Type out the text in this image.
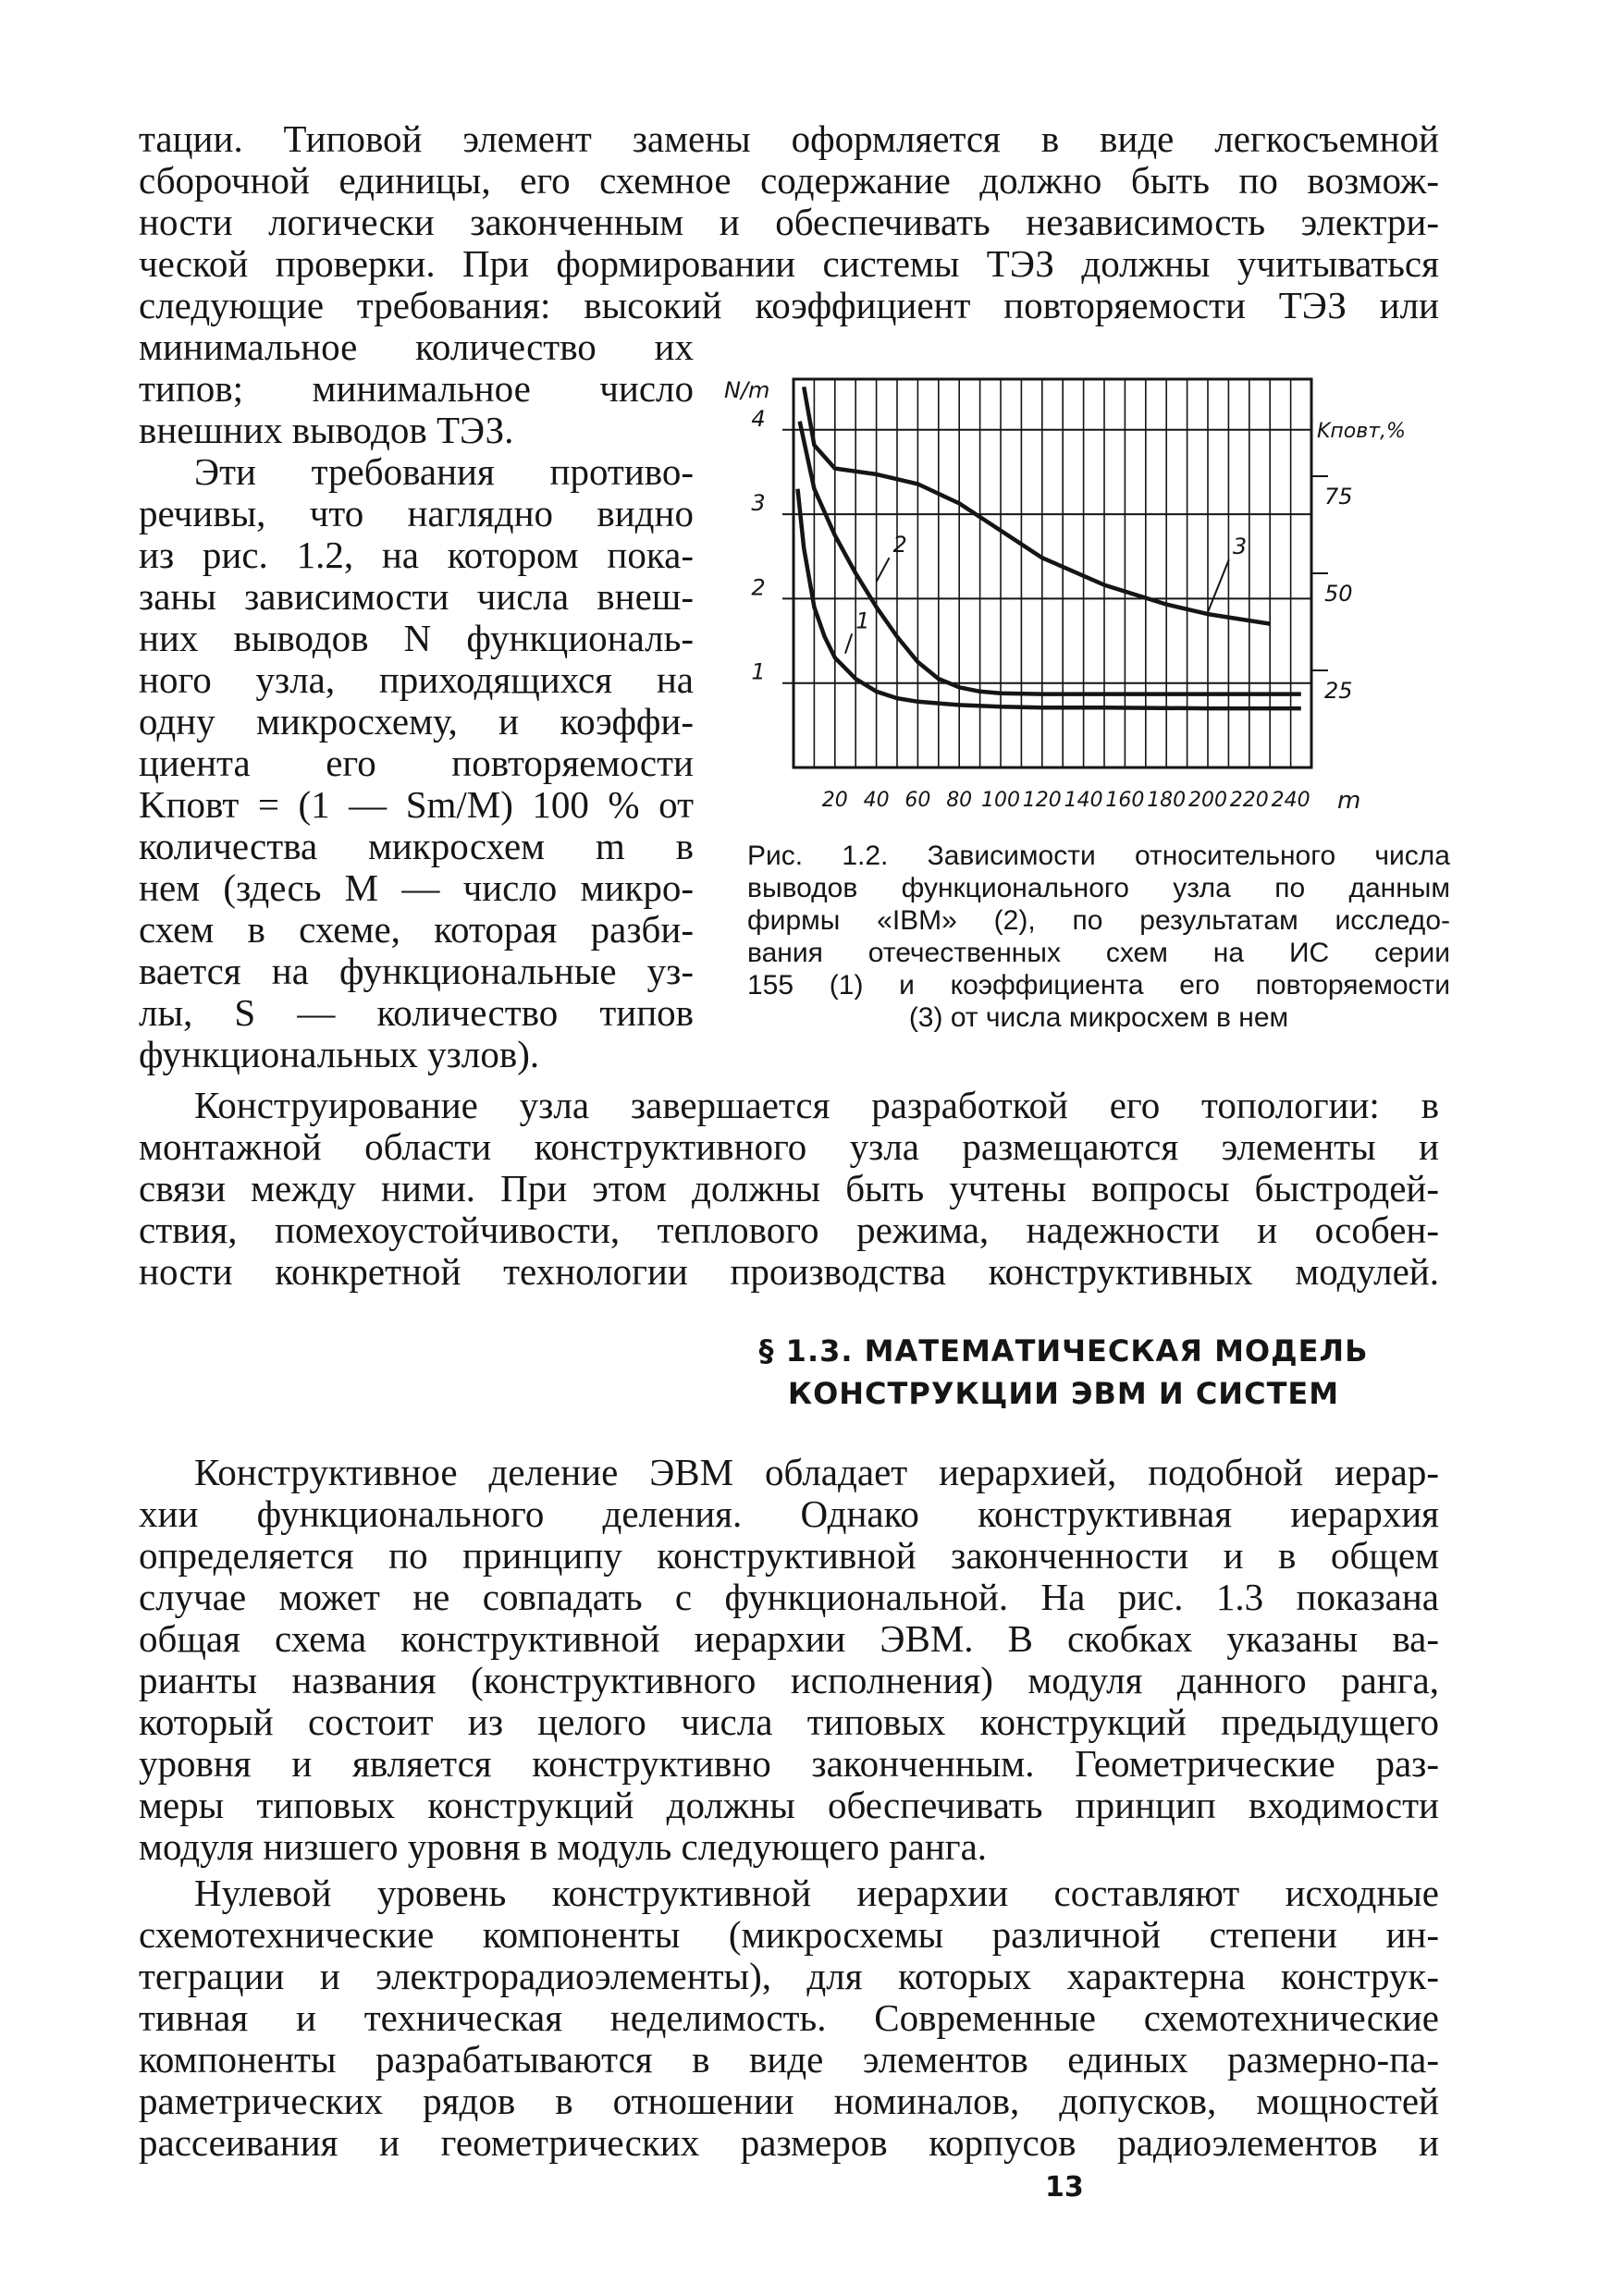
тации. Типовой элемент замены оформляется в виде легкосъемной
сборочной единицы, его схемное содержание должно быть по возмож-
ности логически законченным и обеспечивать независимость электри-
ческой проверки. При формировании системы ТЭЗ должны учитываться
следующие требования: высокий коэффициент повторяемости ТЭЗ или
минимальное количество их
типов; минимальное число
внешних выводов ТЭЗ.
Эти требования противо-
речивы, что наглядно видно
из рис. 1.2, на котором пока-
заны зависимости числа внеш-
них выводов N функциональ-
ного узла, приходящихся на
одну микросхему, и коэффи-
циента его повторяемости
Kповт = (1 — Sm/M) 100 % от
количества микросхем m в
нем (здесь M — число микро-
схем в схеме, которая разби-
вается на функциональные уз-
лы, S — количество типов
функциональных узлов).
1
2
3
4
25
50
75
20 40 60 80 100 120 140 160 180 200 220 240
N/m
Kповт,%
m
1
2	3
Рис. 1.2. Зависимости относительного числа
выводов функционального узла по данным
фирмы «IBM» (2), по результатам исследо-
вания отечественных схем на ИС серии
155 (1) и коэффициента его повторяемости
(3) от числа микросхем в нем
Конструирование узла завершается разработкой его топологии: в
монтажной области конструктивного узла размещаются элементы и
связи между ними. При этом должны быть учтены вопросы быстродей-
ствия, помехоустойчивости, теплового режима, надежности и особен-
ности конкретной технологии производства конструктивных модулей.
§ 1.3. МАТЕМАТИЧЕСКАЯ МОДЕЛЬ
КОНСТРУКЦИИ ЭВМ И СИСТЕМ
Конструктивное деление ЭВМ обладает иерархией, подобной иерар-
хии функционального деления. Однако конструктивная иерархия
определяется по принципу конструктивной законченности и в общем
случае может не совпадать с функциональной. На рис. 1.3 показана
общая схема конструктивной иерархии ЭВМ. В скобках указаны ва-
рианты названия (конструктивного исполнения) модуля данного ранга,
который состоит из целого числа типовых конструкций предыдущего
уровня и является конструктивно законченным. Геометрические раз-
меры типовых конструкций должны обеспечивать принцип входимости
модуля низшего уровня в модуль следующего ранга.
Нулевой уровень конструктивной иерархии составляют исходные
схемотехнические компоненты (микросхемы различной степени ин-
теграции и электрорадиоэлементы), для которых характерна конструк-
тивная и техническая неделимость. Современные схемотехнические
компоненты разрабатываются в виде элементов единых размерно-па-
раметрических рядов в отношении номиналов, допусков, мощностей
рассеивания и геометрических размеров корпусов радиоэлементов и
13
